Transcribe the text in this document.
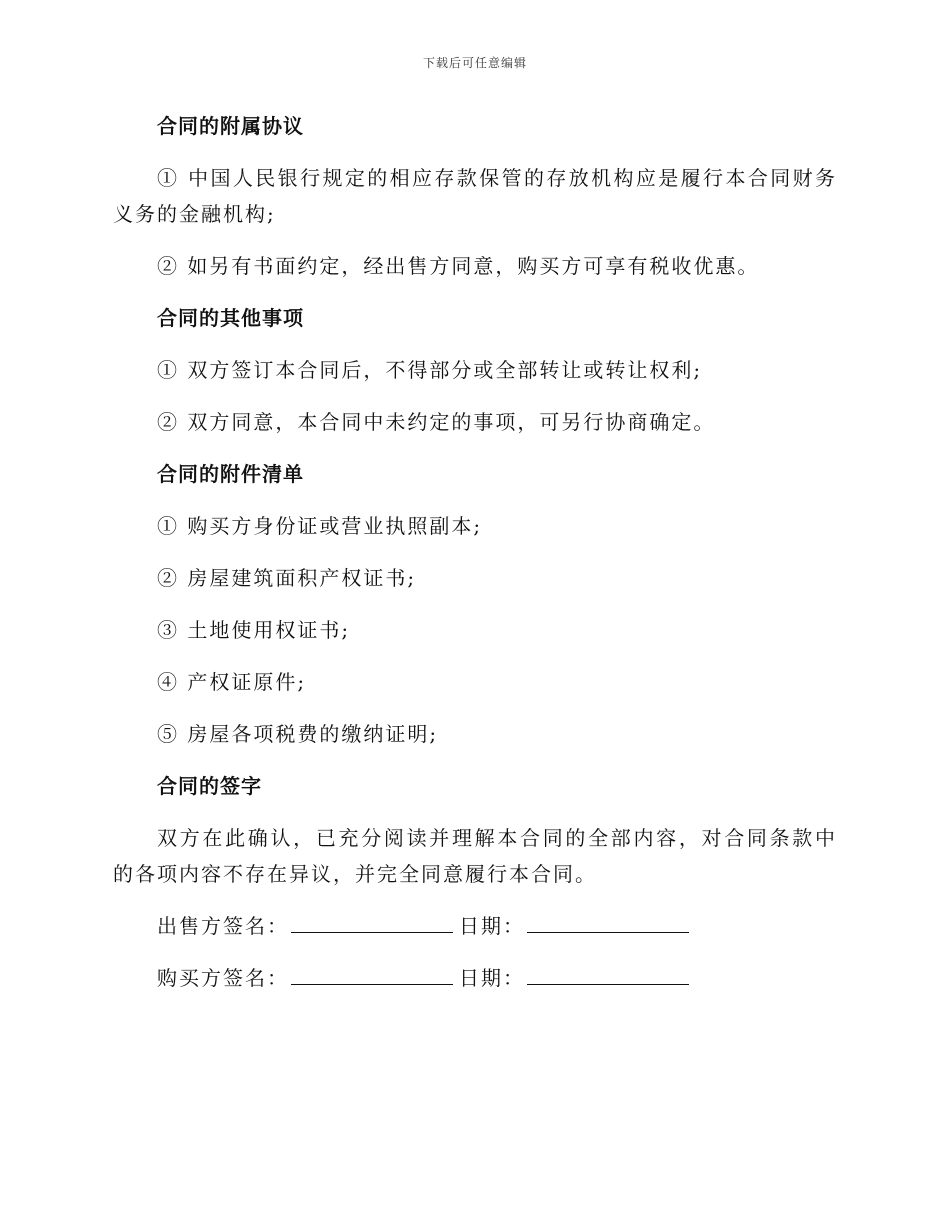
下载后可任意编辑

合同的附属协议

① 中国人民银行规定的相应存款保管的存放机构应是履行本合同财务义务的金融机构;

② 如另有书面约定，经出售方同意，购买方可享有税收优惠。

合同的其他事项

① 双方签订本合同后，不得部分或全部转让或转让权利;

② 双方同意，本合同中未约定的事项，可另行协商确定。

合同的附件清单

① 购买方身份证或营业执照副本;

② 房屋建筑面积产权证书;

③ 土地使用权证书;

④ 产权证原件;

⑤ 房屋各项税费的缴纳证明;

合同的签字

双方在此确认，已充分阅读并理解本合同的全部内容，对合同条款中的各项内容不存在异议，并完全同意履行本合同。

出售方签名：	日期：
购买方签名：	日期：
